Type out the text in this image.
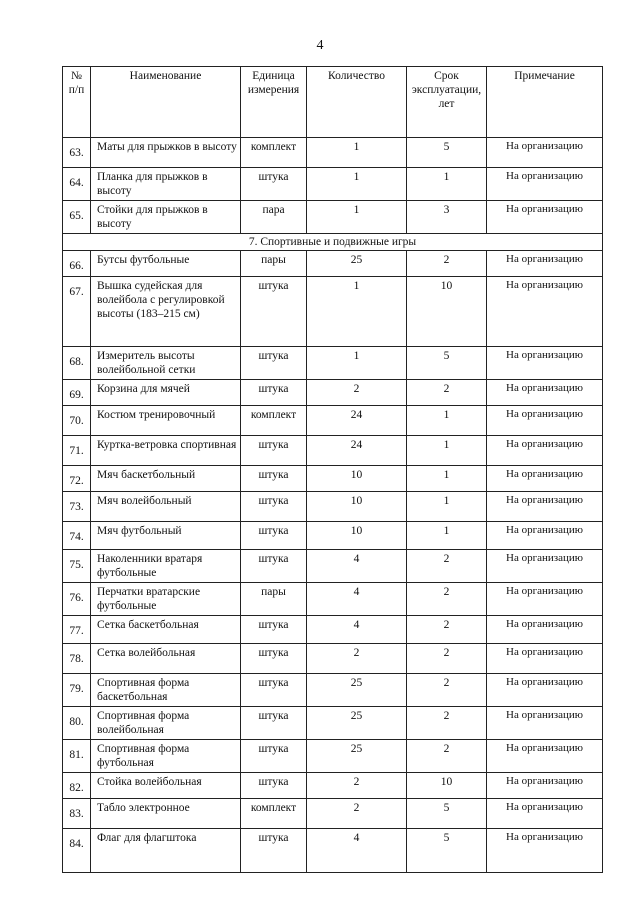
4
№ п/п	Наименование	Единица измерения	Количество	Срок эксплуатации, лет	Примечание
63.	Маты для прыжков в высоту	комплект	1	5	На организацию
64.	Планка для прыжков в высоту	штука	1	1	На организацию
65.	Стойки для прыжков в высоту	пара	1	3	На организацию
7. Спортивные и подвижные игры					
66.	Бутсы футбольные	пары	25	2	На организацию
67.	Вышка судейская для волейбола с регулировкой высоты (183–215 см)	штука	1	10	На организацию
68.	Измеритель высоты волейбольной сетки	штука	1	5	На организацию
69.	Корзина для мячей	штука	2	2	На организацию
70.	Костюм тренировочный	комплект	24	1	На организацию
71.	Куртка-ветровка спортивная	штука	24	1	На организацию
72.	Мяч баскетбольный	штука	10	1	На организацию
73.	Мяч волейбольный	штука	10	1	На организацию
74.	Мяч футбольный	штука	10	1	На организацию
75.	Наколенники вратаря футбольные	штука	4	2	На организацию
76.	Перчатки вратарские футбольные	пары	4	2	На организацию
77.	Сетка баскетбольная	штука	4	2	На организацию
78.	Сетка волейбольная	штука	2	2	На организацию
79.	Спортивная форма баскетбольная	штука	25	2	На организацию
80.	Спортивная форма волейбольная	штука	25	2	На организацию
81.	Спортивная форма футбольная	штука	25	2	На организацию
82.	Стойка волейбольная	штука	2	10	На организацию
83.	Табло электронное	комплект	2	5	На организацию
84.	Флаг для флагштока	штука	4	5	На организацию
